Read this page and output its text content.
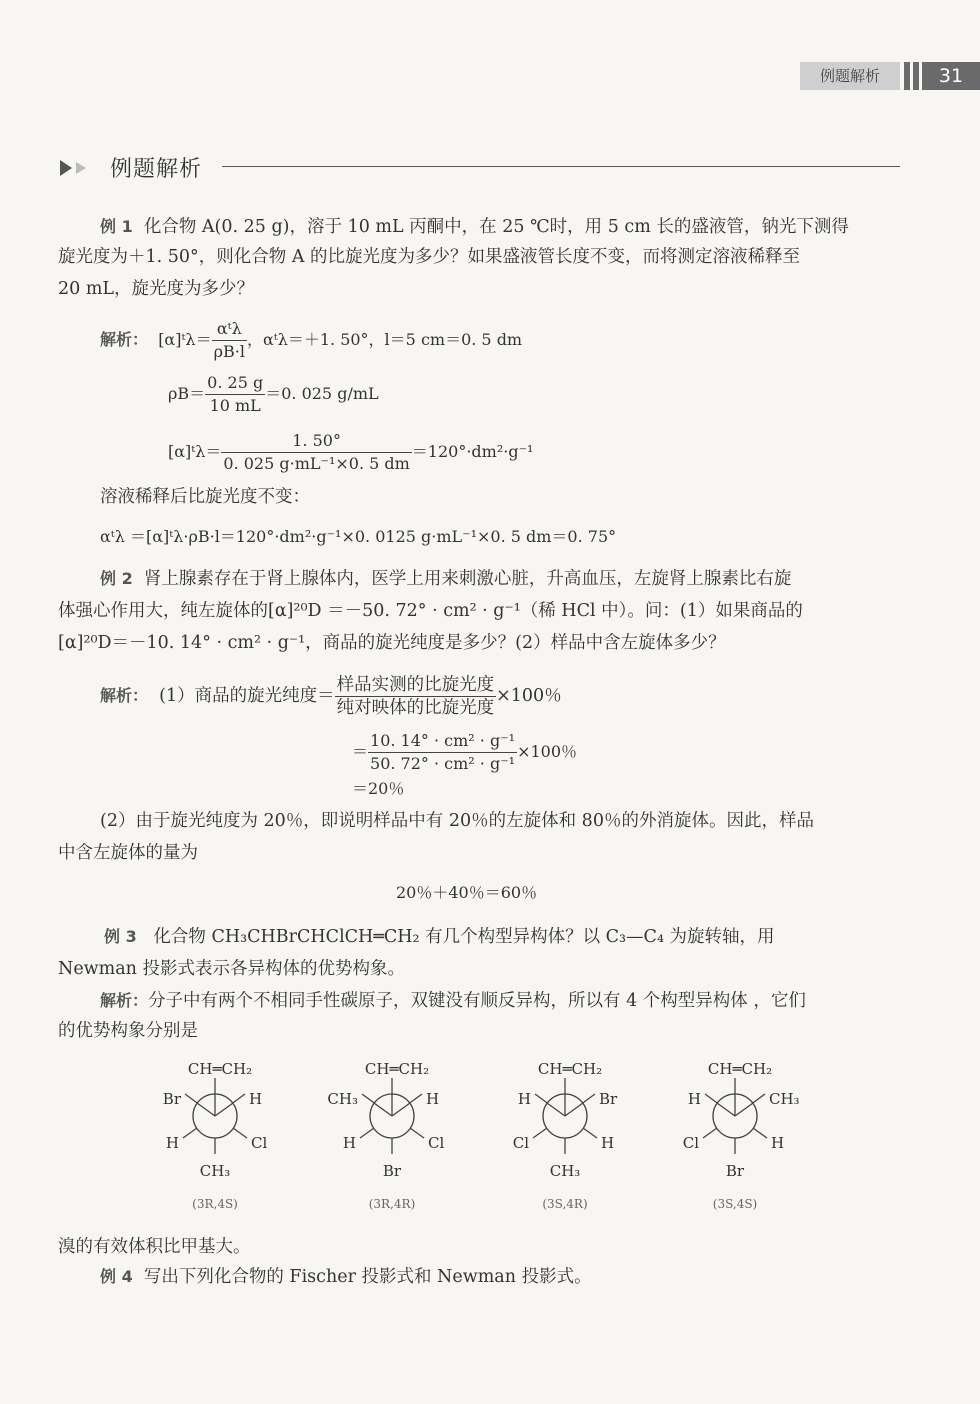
例题解析	31
例题解析
例 1 化合物 A(0. 25 g)，溶于 10 mL 丙酮中，在 25 ℃时，用 5 cm 长的盛液管，钠光下测得
旋光度为＋1. 50°，则化合物 A 的比旋光度为多少？如果盛液管长度不变，而将测定溶液稀释至
20 mL，旋光度为多少？
解析： [α]ᵗλ＝ $\frac{\text{αᵗλ}}{\rho B\cdot l}$ ，αᵗλ＝＋1. 50°，l＝5 cm＝0. 5 dm
$\rho B= \frac{0. 25 g}{10 mL} =0$. 025 g/mL
[α]ᵗλ＝ $\frac{1. 50^\circ}{\text{0. 025 g·mL⁻¹×0. 5 dm}} =120^\circ\cdot dm^2\cdot g^{-1}$
溶液稀释后比旋光度不变：
αᵗλ ＝[α]ᵗλ·ρB·l＝120°·dm²·g⁻¹×0. 0125 g·mL⁻¹×0. 5 dm＝0. 75°
例 2 肾上腺素存在于肾上腺体内，医学上用来刺激心脏，升高血压，左旋肾上腺素比右旋
体强心作用大，纯左旋体的[α]²⁰D ＝－50. 72° · cm² · g⁻¹（稀 HCl 中）。问：(1）如果商品的
[α]²⁰D＝－10. 14° · cm² · g⁻¹，商品的旋光纯度是多少？(2）样品中含左旋体多少？
解析： (1）商品的旋光纯度＝ $\frac{\text{样品实测的比旋光度}}{\text{纯对映体的比旋光度}} \times 100$％
＝ $\frac{\text{10. 14° · cm² · g⁻¹}}{\text{50. 72° · cm² · g⁻¹}} \times 100$％
＝20％
(2）由于旋光纯度为 20％，即说明样品中有 20％的左旋体和 80％的外消旋体。因此，样品
中含左旋体的量为
20％＋40％＝60％
例 3 化合物 CH₃CHBrCHClCH═CH₂ 有几个构型异构体？以 C₃—C₄ 为旋转轴，用
Newman 投影式表示各异构体的优势构象。
解析：分子中有两个不相同手性碳原子，双键没有顺反异构，所以有 4 个构型异构体 ，它们
的优势构象分别是
CH═CH₂
Br	H
H	Cl
CH₃
(3R,4S)
CH═CH₂
CH₃	H
H	Cl
Br
(3R,4R)
CH═CH₂
H	Br
Cl	H
CH₃
(3S,4R)
CH═CH₂
H	CH₃
Cl	H
Br
(3S,4S)
溴的有效体积比甲基大。
例 4 写出下列化合物的 Fischer 投影式和 Newman 投影式。
